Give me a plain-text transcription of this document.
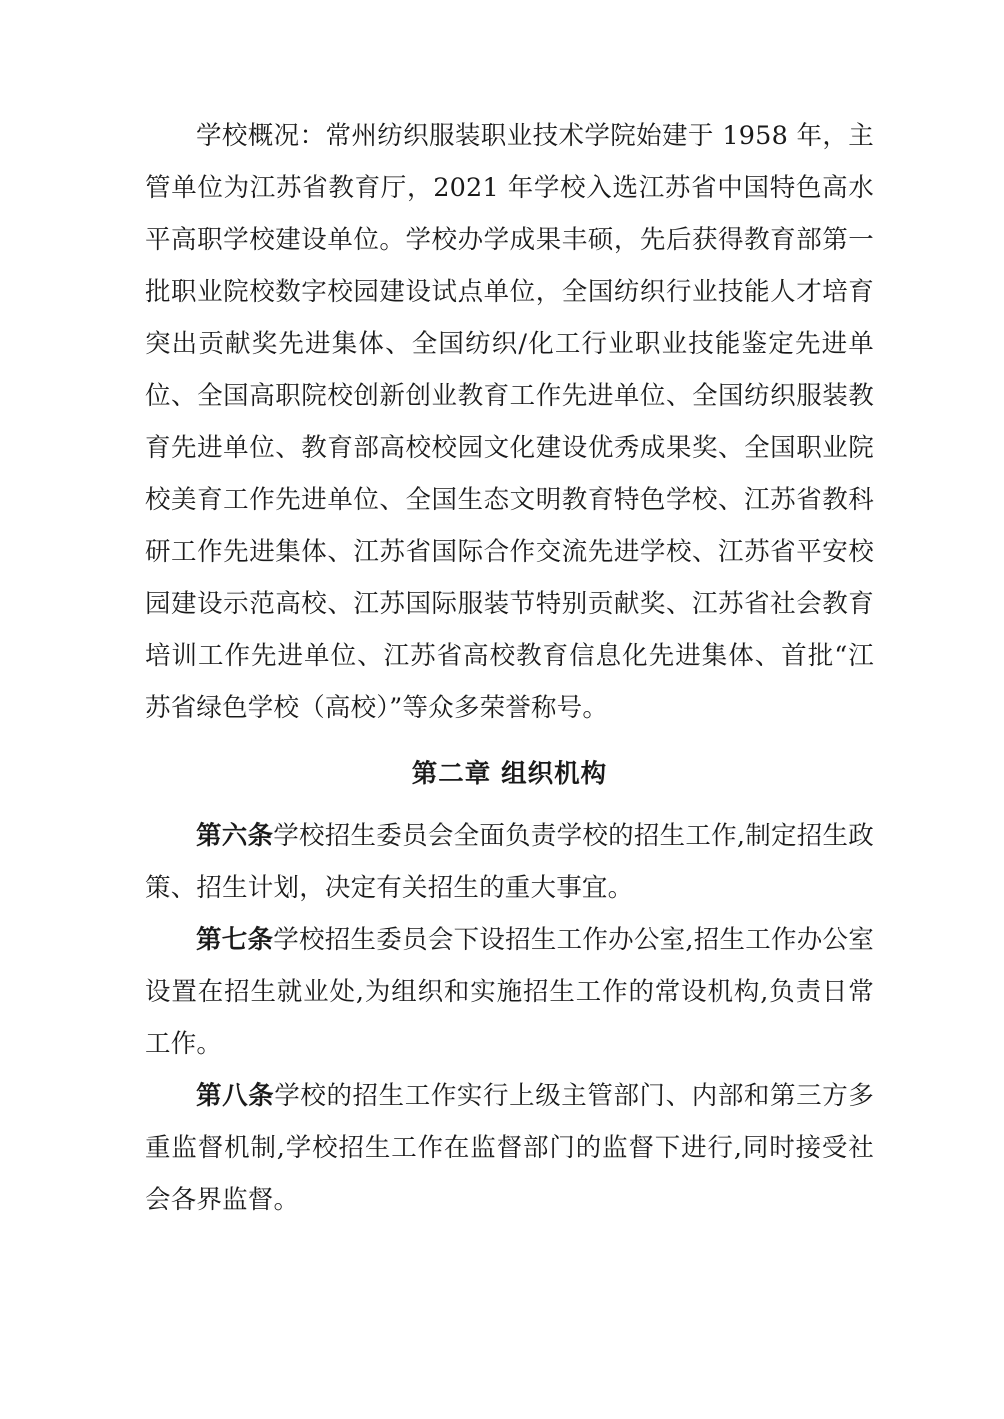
学校概况：常州纺织服装职业技术学院始建于 1958 年，主管单位为江苏省教育厅，2021 年学校入选江苏省中国特色高水平高职学校建设单位。学校办学成果丰硕，先后获得教育部第一批职业院校数字校园建设试点单位，全国纺织行业技能人才培育突出贡献奖先进集体、全国纺织/化工行业职业技能鉴定先进单位、全国高职院校创新创业教育工作先进单位、全国纺织服装教育先进单位、教育部高校校园文化建设优秀成果奖、全国职业院校美育工作先进单位、全国生态文明教育特色学校、江苏省教科研工作先进集体、江苏省国际合作交流先进学校、江苏省平安校园建设示范高校、江苏国际服装节特别贡献奖、江苏省社会教育培训工作先进单位、江苏省高校教育信息化先进集体、首批“江苏省绿色学校（高校）”等众多荣誉称号。

第二章 组织机构

第六条学校招生委员会全面负责学校的招生工作,制定招生政策、招生计划，决定有关招生的重大事宜。

第七条学校招生委员会下设招生工作办公室,招生工作办公室设置在招生就业处,为组织和实施招生工作的常设机构,负责日常工作。

第八条学校的招生工作实行上级主管部门、内部和第三方多重监督机制,学校招生工作在监督部门的监督下进行,同时接受社会各界监督。
